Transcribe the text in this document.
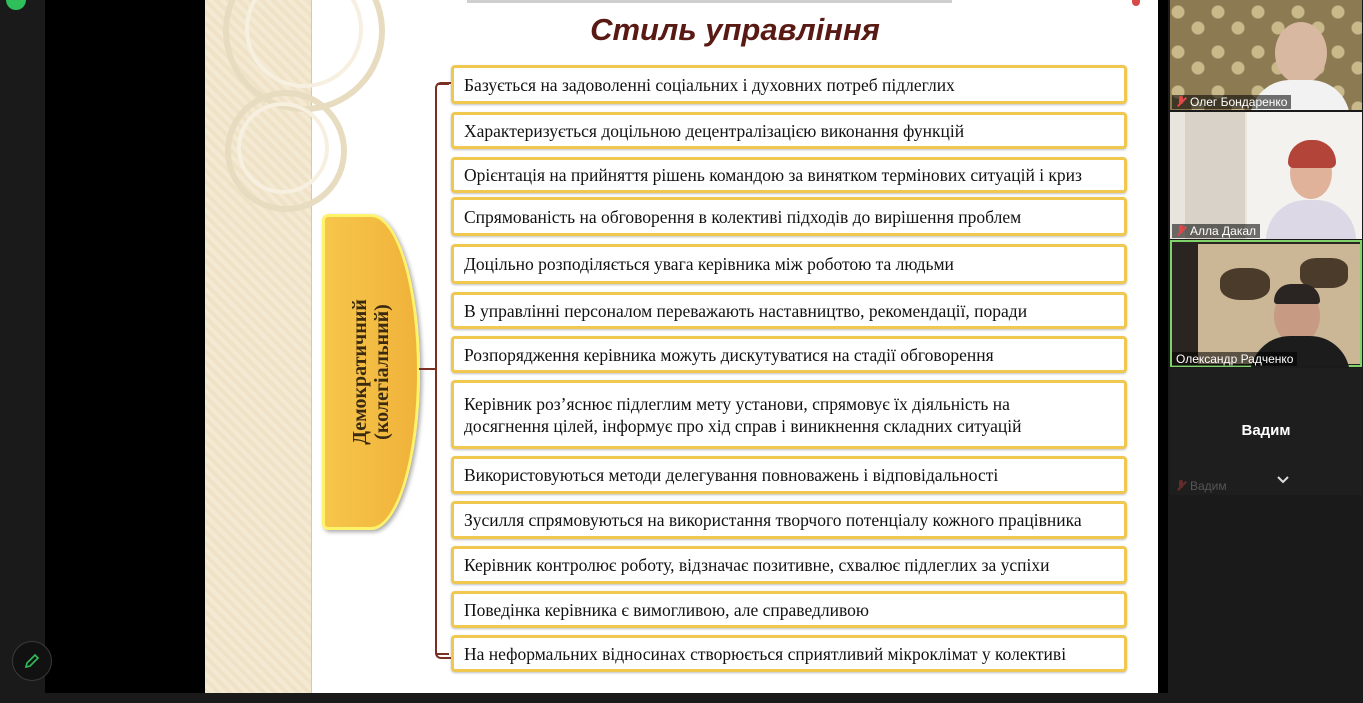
Стиль управління
Демократичний (колегіальний)
Базується на задоволенні соціальних і духовних потреб підлеглих
Характеризується доцільною децентралізацією виконання функцій
Орієнтація на прийняття рішень командою за винятком термінових ситуацій і криз
Спрямованість на обговорення в колективі підходів до вирішення проблем
Доцільно розподіляється увага керівника між роботою та людьми
В управлінні персоналом переважають наставництво, рекомендації, поради
Розпорядження керівника можуть дискутуватися на стадії обговорення
Керівник роз’яснює підлеглим мету установи, спрямовує їх діяльність на
досягнення цілей, інформує про хід справ і виникнення складних ситуацій
Використовуються методи делегування повноважень і відповідальності
Зусилля спрямовуються на використання творчого потенціалу кожного працівника
Керівник контролює роботу, відзначає позитивне, схвалює підлеглих за успіхи
Поведінка керівника є вимогливою, але справедливою
На неформальних відносинах створюється сприятливий мікроклімат у колективі
Олег Бондаренко
Алла Дакал
Олександр Радченко
Вадим
Вадим
